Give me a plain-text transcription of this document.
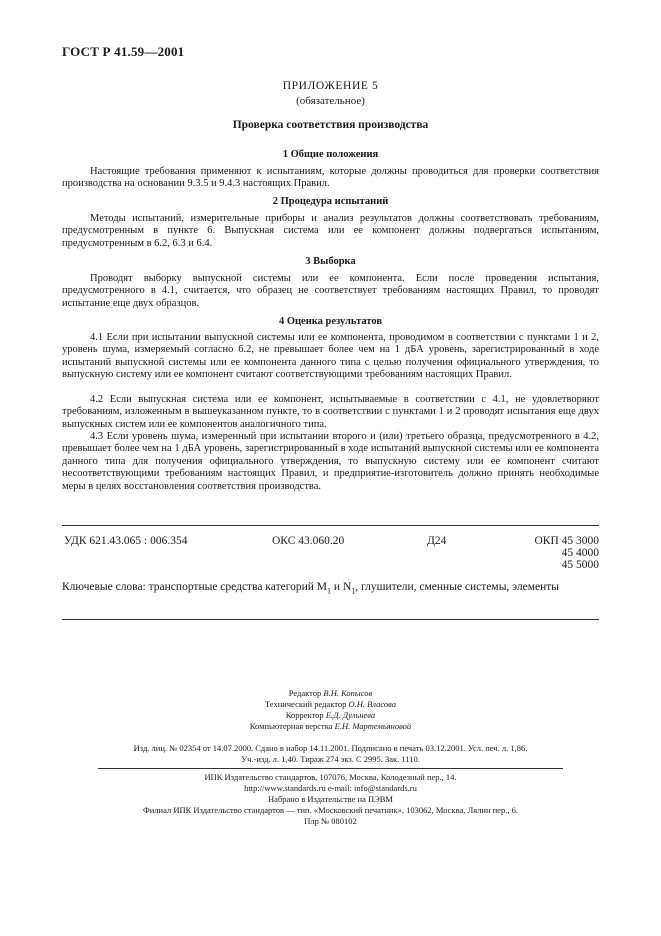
ГОСТ Р 41.59—2001
ПРИЛОЖЕНИЕ 5
(обязательное)
Проверка соответствия производства
1 Общие положения

Настоящие требования применяют к испытаниям, которые должны проводиться для проверки соответствия производства на основании 9.3.5 и 9.4.3 настоящих Правил.

2 Процедура испытаний

Методы испытаний, измерительные приборы и анализ результатов должны соответствовать требованиям, предусмотренным в пункте 6. Выпускная система или ее компонент должны подвергаться испытаниям, предусмотренным в 6.2, 6.3 и 6.4.

3 Выборка

Проводят выборку выпускной системы или ее компонента. Если после проведения испытания, предусмотренного в 4.1, считается, что образец не соответствует требованиям настоящих Правил, то проводят испытание еще двух образцов.

4 Оценка результатов

4.1 Если при испытании выпускной системы или ее компонента, проводимом в соответствии с пунктами 1 и 2, уровень шума, измеряемый согласно 6.2, не превышает более чем на 1 дБА уровень, зарегистрированный в ходе испытаний выпускной системы или ее компонента данного типа с целью получения официального утверждения, то выпускную систему или ее компонент считают соответствующими требованиям настоящих Правил.

4.2 Если выпускная система или ее компонент, испытываемые в соответствии с 4.1, не удовлетворяют требованиям, изложенным в вышеуказанном пункте, то в соответствии с пунктами 1 и 2 проводят испытания еще двух выпускных систем или ее компонентов аналогичного типа.

4.3 Если уровень шума, измеренный при испытании второго и (или) третьего образца, предусмотренного в 4.2, превышает более чем на 1 дБА уровень, зарегистрированный в ходе испытаний выпускной системы или ее компонента данного типа для получения официального утверждения, то выпускную систему или ее компонент считают несоответствующими требованиям настоящих Правил, и предприятие-изготовитель должно принять необходимые меры в целях восстановления соответствия производства.

УДК 621.43.065 : 006.354	ОКС 43.060.20	Д24	ОКП 45 3000
45 4000
45 5000
Ключевые слова: транспортные средства категорий $M_1$ и $N_1$, глушители, сменные системы, элементы
Редактор В.Н. Копысов
Технический редактор О.Н. Власова
Корректор Е.Д. Дульнева
Компьютерная верстка Е.Н. Мартемьяновой
Изд. лиц. № 02354 от 14.07.2000. Сдано в набор 14.11.2001. Подписано в печать 03.12.2001. Усл. печ. л. 1,86.
Уч.-изд. л. 1,40. Тираж 274 экз. С 2995. Зак. 1110.
ИПК Издательство стандартов, 107076, Москва, Колодезный пер., 14.
http://www.standards.ru e-mail: info@standards.ru
Набрано в Издательстве на ПЭВМ
Филиал ИПК Издательство стандартов — тип. «Московский печатник», 103062, Москва, Лялин пер., 6.
Плр № 080102
